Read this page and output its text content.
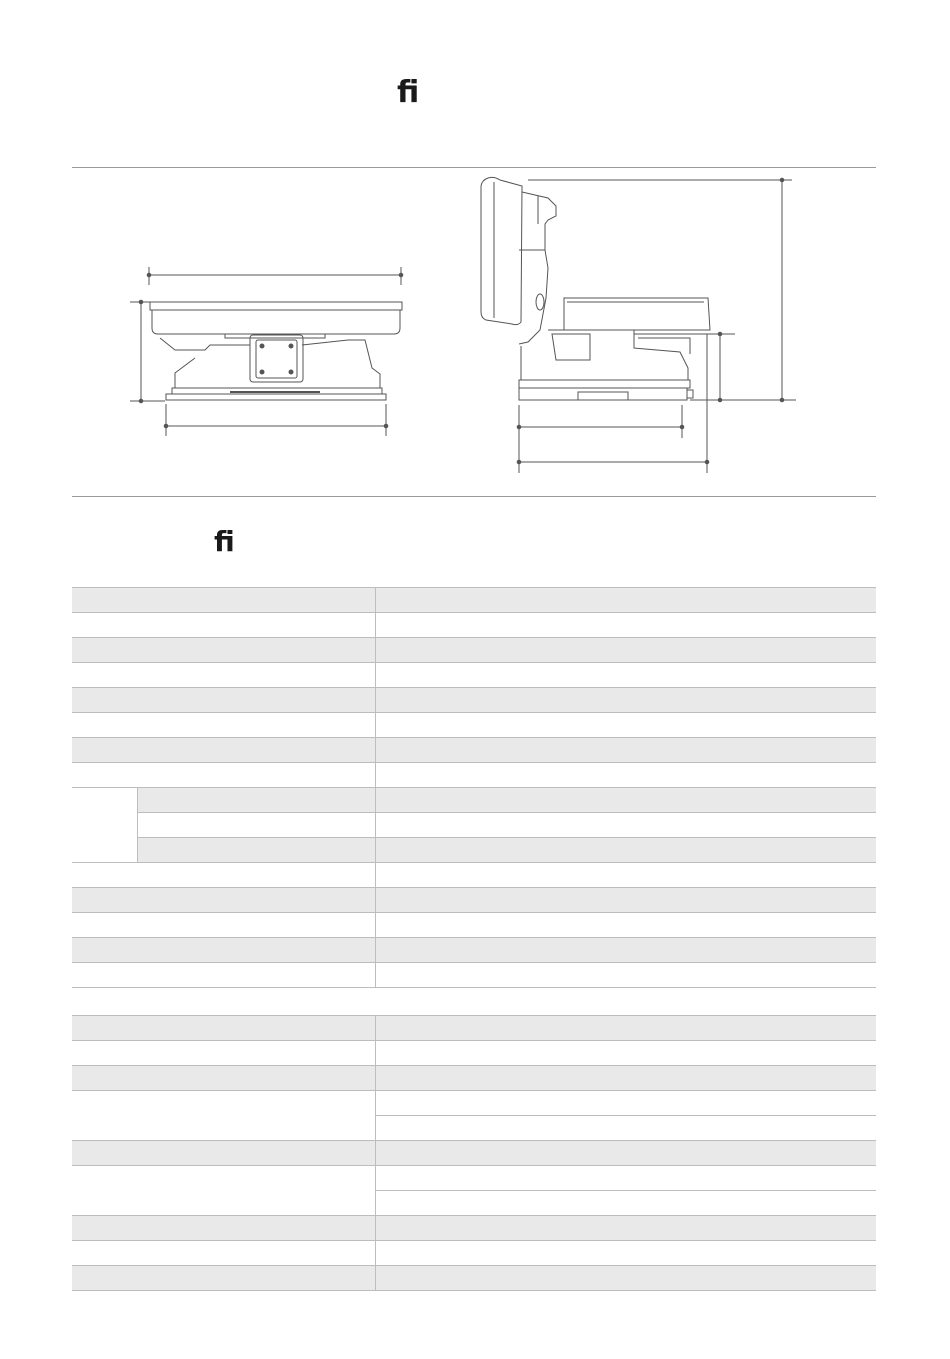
ﬁ
ﬁ
